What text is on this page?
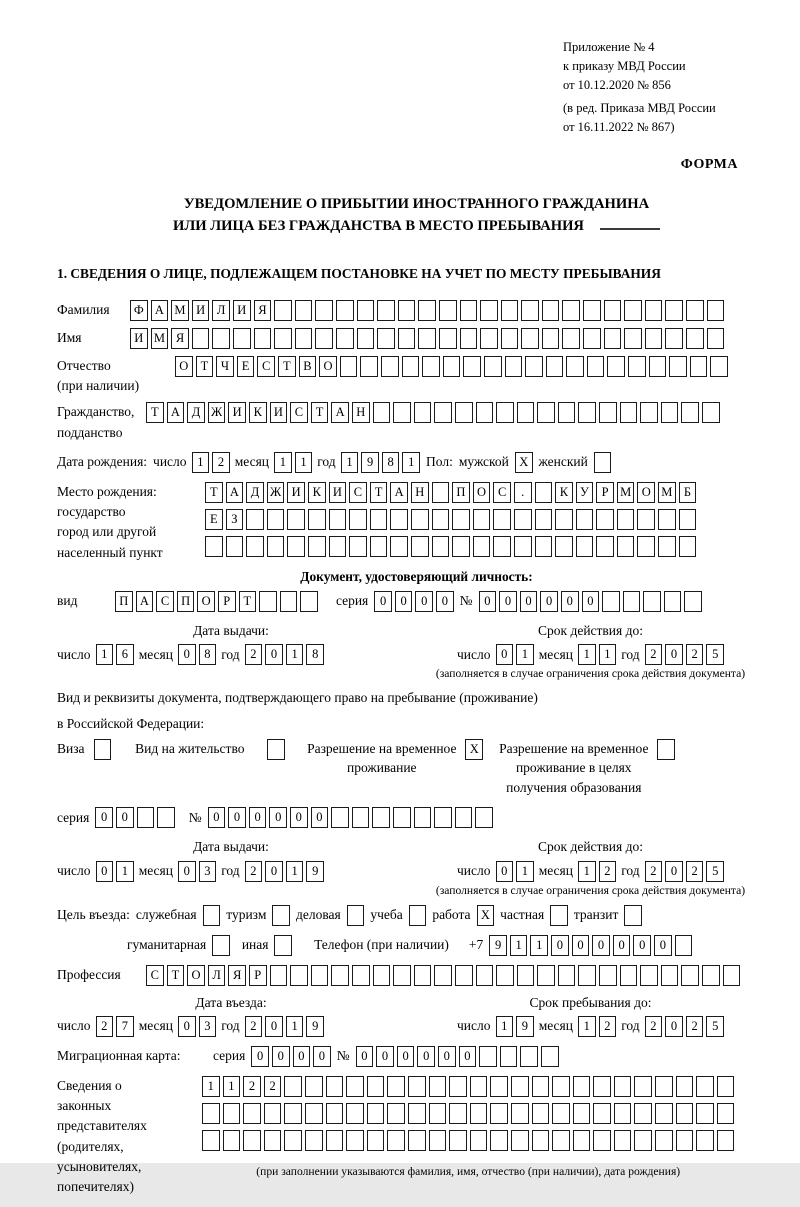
Приложение № 4
к приказу МВД России
от 10.12.2020 № 856
(в ред. Приказа МВД России
от 16.11.2022 № 867)
ФОРМА
УВЕДОМЛЕНИЕ О ПРИБЫТИИ ИНОСТРАННОГО ГРАЖДАНИНА
ИЛИ ЛИЦА БЕЗ ГРАЖДАНСТВА В МЕСТО ПРЕБЫВАНИЯ
1. СВЕДЕНИЯ О ЛИЦЕ, ПОДЛЕЖАЩЕМ ПОСТАНОВКЕ НА УЧЕТ ПО МЕСТУ ПРЕБЫВАНИЯ
Фамилия	Ф А М И Л И Я
Имя	И М Я
Отчество
(при наличии)
О Т	Ч	Е	С	Т	В О
Гражданство,
подданство
Т А Д Ж И К И С	Т А Н
Дата рождения: число 1	2 месяц 1	1 год 1	9	8	1 Пол: мужской X женский
Место рождения:
государство
город или другой
населенный пункт
Т А Д Ж И К И С	Т А Н	П О С	.	К У	Р М О М Б
Е	З
Документ, удостоверяющий личность:
вид	П А С П О	Р	Т	серия 0	0	0	0 № 0	0	0	0	0	0
Дата выдачи:	Срок действия до:
число 1	6 месяц 0	8 год 2	0	1	8	число 0	1 месяц 1	1 год 2	0	2	5
(заполняется в случае ограничения срока действия документа)
Вид и реквизиты документа, подтверждающего право на пребывание (проживание)
в Российской Федерации:
Виза	Вид на жительство	Разрешение на временное
проживание
X	Разрешение на временное
проживание в целях
получения образования
серия 0	0	№ 0	0	0	0	0	0
Дата выдачи:	Срок действия до:
число 0	1 месяц 0	3 год 2	0	1	9	число 0	1 месяц 1	2 год 2	0	2	5
(заполняется в случае ограничения срока действия документа)
Цель въезда: служебная туризм деловая учеба работа X частная транзит
гуманитарная	иная	Телефон (при наличии) +7 9	1	1	0	0	0	0	0	0
Профессия	С	Т О Л Я	Р
Дата въезда:	Срок пребывания до:
число 2	7 месяц 0	3 год 2	0	1	9	число 1	9 месяц 1	2 год 2	0	2	5
Миграционная карта:	серия 0	0	0	0 № 0	0	0	0	0	0
Сведения о
законных
представителях
(родителях,
усыновителях,
попечителях)
1	1	2	2
(при заполнении указываются фамилия, имя, отчество (при наличии), дата рождения)
